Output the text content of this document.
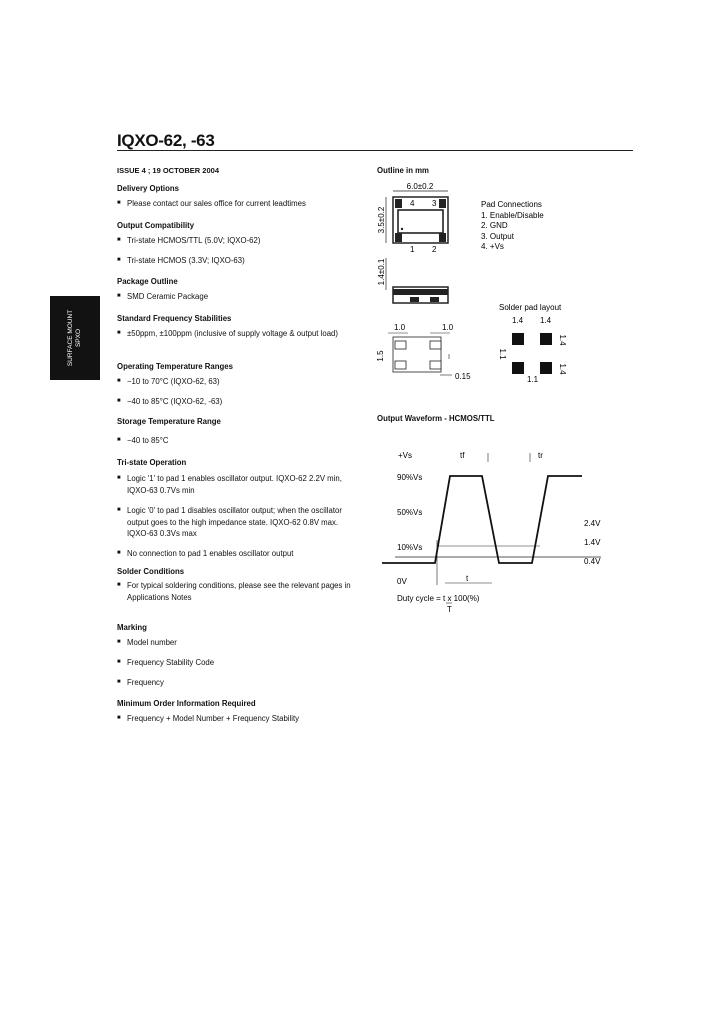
IQXO-62, -63
SURFACE MOUNT
SPXO
ISSUE 4 ; 19 OCTOBER 2004
Delivery Options
■ Please contact our sales office for current leadtimes
Output Compatibility
■ Tri-state HCMOS/TTL (5.0V; IQXO-62)
■ Tri-state HCMOS (3.3V; IQXO-63)
Package Outline
■ SMD Ceramic Package
Standard Frequency Stabilities
■ ±50ppm, ±100ppm (inclusive of supply voltage & output load)
Operating Temperature Ranges
■ −10 to 70°C (IQXO-62, 63)
■ −40 to 85°C (IQXO-62, -63)
Storage Temperature Range
■ −40 to 85°C
Tri-state Operation
■ Logic '1' to pad 1 enables oscillator output. IQXO-62 2.2V min, IQXO-63 0.7Vs min
■ Logic '0' to pad 1 disables oscillator output; when the oscillator output goes to the high impedance state. IQXO-62 0.8V max. IQXO-63 0.3Vs max
■ No connection to pad 1 enables oscillator output
Solder Conditions
■ For typical soldering conditions, please see the relevant pages in Applications Notes
Marking
■ Model number
■ Frequency Stability Code
■ Frequency
Minimum Order Information Required
■ Frequency + Model Number + Frequency Stability
Outline in mm
6.0±0.2
4 3
1 2
3.5±0.2
Pad Connections
1. Enable/Disable
2. GND
3. Output
4. +Vs
1.4±0.1
1.0	1.0
1.5
0.15
Solder pad layout
1.4 1.4
1.1
1.4
1.4
1.1
Output Waveform - HCMOS/TTL
+Vs
90%Vs
50%Vs
10%Vs
0V
tf	tr
2.4V
1.4V
0.4V
t
Duty cycle = t x 100(%)
T
